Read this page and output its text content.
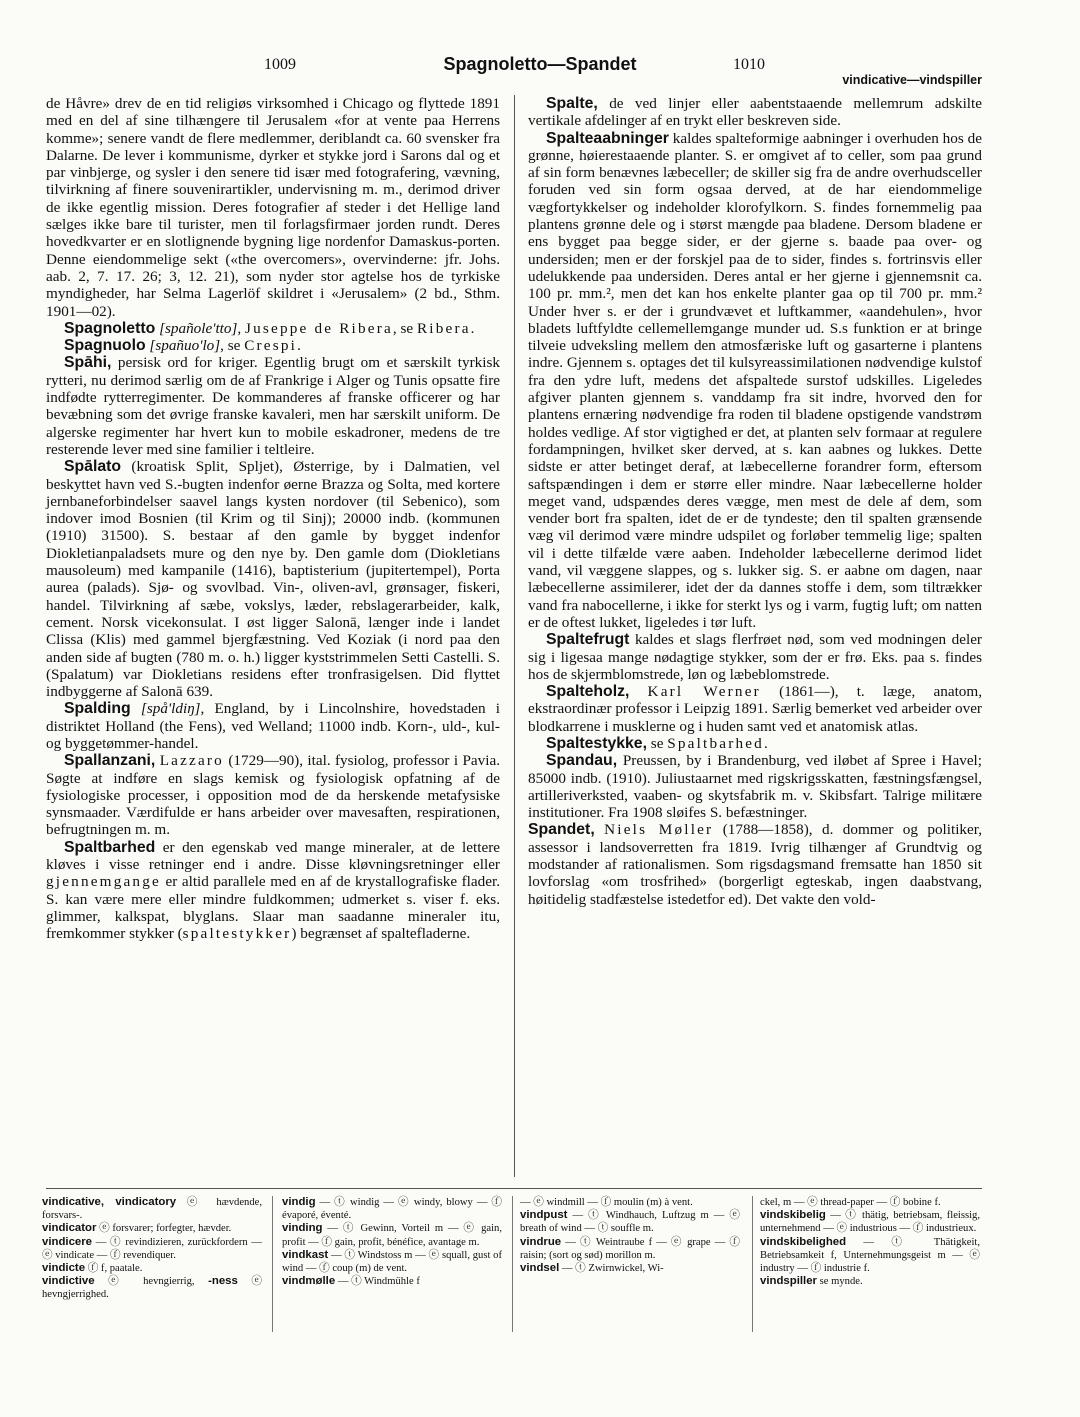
1009	Spagnoletto—Spandet	1010
vindicative—vindspiller

de Håvre» drev de en tid religiøs virksomhed i Chicago og flyttede 1891 med en del af sine tilhængere til Jerusalem «for at vente paa Herrens komme»; senere vandt de flere medlemmer, deriblandt ca. 60 svensker fra Dalarne. De lever i kommunisme, dyrker et stykke jord i Sarons dal og et par vinbjerge, og sysler i den senere tid især med fotografering, vævning, tilvirkning af finere souvenirartikler, undervisning m. m., derimod driver de ikke egentlig mission. Deres fotografier af steder i det Hellige land sælges ikke bare til turister, men til forlagsfirmaer jorden rundt. Deres hovedkvarter er en slotlignende bygning lige nordenfor Damaskus-porten. Denne eiendommelige sekt («the overcomers», overvinderne: jfr. Johs. aab. 2, 7. 17. 26; 3, 12. 21), som nyder stor agtelse hos de tyrkiske myndigheder, har Selma Lagerlöf skildret i «Jerusalem» (2 bd., Sthm. 1901—02).

Spagnoletto [spañole'tto], Juseppe de Ribera, se Ribera.

Spagnuolo [spañuo'lo], se Crespi.

Spāhi, persisk ord for kriger. Egentlig brugt om et særskilt tyrkisk rytteri, nu derimod særlig om de af Frankrige i Alger og Tunis opsatte fire indfødte rytterregimenter. De kommanderes af franske officerer og har bevæbning som det øvrige franske kavaleri, men har særskilt uniform. De algerske regimenter har hvert kun to mobile eskadroner, medens de tre resterende lever med sine familier i teltleire.

Spālato (kroatisk Split, Spljet), Østerrige, by i Dalmatien, vel beskyttet havn ved S.-bugten indenfor øerne Brazza og Solta, med kortere jernbaneforbindelser saavel langs kysten nordover (til Sebenico), som indover imod Bosnien (til Krim og til Sinj); 20000 indb. (kommunen (1910) 31500). S. bestaar af den gamle by bygget indenfor Diokletianpaladsets mure og den nye by. Den gamle dom (Diokletians mausoleum) med kampanile (1416), baptisterium (jupitertempel), Porta aurea (palads). Sjø- og svovlbad. Vin-, oliven-avl, grønsager, fiskeri, handel. Tilvirkning af sæbe, vokslys, læder, rebslagerarbeider, kalk, cement. Norsk vicekonsulat. I øst ligger Salonā, længer inde i landet Clissa (Klis) med gammel bjergfæstning. Ved Koziak (i nord paa den anden side af bugten (780 m. o. h.) ligger kyststrimmelen Setti Castelli. S. (Spalatum) var Diokletians residens efter tronfrasigelsen. Did flyttet indbyggerne af Salonā 639.

Spalding [spå'ldiŋ], England, by i Lincolnshire, hovedstaden i distriktet Holland (the Fens), ved Welland; 11000 indb. Korn-, uld-, kul- og byggetømmer-handel.

Spallanzani, Lazzaro (1729—90), ital. fysiolog, professor i Pavia. Søgte at indføre en slags kemisk og fysiologisk opfatning af de fysiologiske processer, i opposition mod de da herskende metafysiske synsmaader. Værdifulde er hans arbeider over mavesaften, respirationen, befrugtningen m. m.

Spaltbarhed er den egenskab ved mange mineraler, at de lettere kløves i visse retninger end i andre. Disse kløvningsretninger eller gjennemgange er altid parallele med en af de krystallografiske flader. S. kan være mere eller mindre fuldkommen; udmerket s. viser f. eks. glimmer, kalkspat, blyglans. Slaar man saadanne mineraler itu, fremkommer stykker (spaltestykker) begrænset af spaltefladerne.

Spalte, de ved linjer eller aabentstaaende mellemrum adskilte vertikale afdelinger af en trykt eller beskreven side.

Spalteaabninger kaldes spalteformige aabninger i overhuden hos de grønne, høierestaaende planter. S. er omgivet af to celler, som paa grund af sin form benævnes læbeceller; de skiller sig fra de andre overhudsceller foruden ved sin form ogsaa derved, at de har eiendommelige vægfortykkelser og indeholder klorofylkorn. S. findes fornemmelig paa plantens grønne dele og i størst mængde paa bladene. Dersom bladene er ens bygget paa begge sider, er der gjerne s. baade paa over- og undersiden; men er der forskjel paa de to sider, findes s. fortrinsvis eller udelukkende paa undersiden. Deres antal er her gjerne i gjennemsnit ca. 100 pr. mm.², men det kan hos enkelte planter gaa op til 700 pr. mm.² Under hver s. er der i grundvævet et luftkammer, «aandehulen», hvor bladets luftfyldte cellemellemgange munder ud. S.s funktion er at bringe tilveie udveksling mellem den atmosfæriske luft og gasarterne i plantens indre. Gjennem s. optages det til kulsyreassimilationen nødvendige kulstof fra den ydre luft, medens det afspaltede surstof udskilles. Ligeledes afgiver planten gjennem s. vanddamp fra sit indre, hvorved den for plantens ernæring nødvendige fra roden til bladene opstigende vandstrøm holdes vedlige. Af stor vigtighed er det, at planten selv formaar at regulere fordampningen, hvilket sker derved, at s. kan aabnes og lukkes. Dette sidste er atter betinget deraf, at læbecellerne forandrer form, eftersom saftspændingen i dem er større eller mindre. Naar læbecellerne holder meget vand, udspændes deres vægge, men mest de dele af dem, som vender bort fra spalten, idet de er de tyndeste; den til spalten grænsende væg vil derimod være mindre udspilet og forløber temmelig lige; spalten vil i dette tilfælde være aaben. Indeholder læbecellerne derimod lidet vand, vil væggene slappes, og s. lukker sig. S. er aabne om dagen, naar læbecellerne assimilerer, idet der da dannes stoffe i dem, som tiltrækker vand fra nabocellerne, i ikke for sterkt lys og i varm, fugtig luft; om natten er de oftest lukket, ligeledes i tør luft.

Spaltefrugt kaldes et slags flerfrøet nød, som ved modningen deler sig i ligesaa mange nødagtige stykker, som der er frø. Eks. paa s. findes hos de skjermblomstrede, løn og læbeblomstrede.

Spalteholz, Karl Werner (1861—), t. læge, anatom, ekstraordinær professor i Leipzig 1891. Særlig bemerket ved arbeider over blodkarrene i musklerne og i huden samt ved et anatomisk atlas.

Spaltestykke, se Spaltbarhed.

Spandau, Preussen, by i Brandenburg, ved iløbet af Spree i Havel; 85000 indb. (1910). Juliustaarnet med rigskrigsskatten, fæstningsfængsel, artilleriverksted, vaaben- og skytsfabrik m. v. Skibsfart. Talrige militære institutioner. Fra 1908 sløifes S. befæstninger.

Spandet, Niels Møller (1788—1858), d. dommer og politiker, assessor i landsoverretten fra 1819. Ivrig tilhænger af Grundtvig og modstander af rationalismen. Som rigsdagsmand fremsatte han 1850 sit lovforslag «om trosfrihed» (borgerligt egteskab, ingen daabstvang, høitidelig stadfæstelse istedetfor ed). Det vakte den vold-

vindicative, vindicatory ⓔ hævdende, forsvars-.

vindicator ⓔ forsvarer; forfegter, hævder.

vindicere — ⓣ revindizieren, zurückfordern — ⓔ vindicate — ⓕ revendiquer.

vindicte ⓕ f, paatale.

vindictive ⓔ hevngierrig, -ness ⓔ hevngjerrighed.

vindig — ⓣ windig — ⓔ windy, blowy — ⓕ évaporé, éventé.

vinding — ⓣ Gewinn, Vorteil m — ⓔ gain, profit — ⓕ gain, profit, bénéfice, avantage m.

vindkast — ⓣ Windstoss m — ⓔ squall, gust of wind — ⓕ coup (m) de vent.

vindmølle — ⓣ Windmühle f

— ⓔ windmill — ⓕ moulin (m) à vent.

vindpust — ⓣ Windhauch, Luftzug m — ⓔ breath of wind — ⓣ souffle m.

vindrue — ⓣ Weintraube f — ⓔ grape — ⓕ raisin; (sort og sød) morillon m.

vindsel — ⓣ Zwirnwickel, Wi-

ckel, m — ⓔ thread-paper — ⓕ bobine f.

vindskibelig — ⓣ thätig, betriebsam, fleissig, unternehmend — ⓔ industrious — ⓕ industrieux.

vindskibelighed — ⓣ Thätigkeit, Betriebsamkeit f, Unternehmungsgeist m — ⓔ industry — ⓕ industrie f.

vindspiller se mynde.
